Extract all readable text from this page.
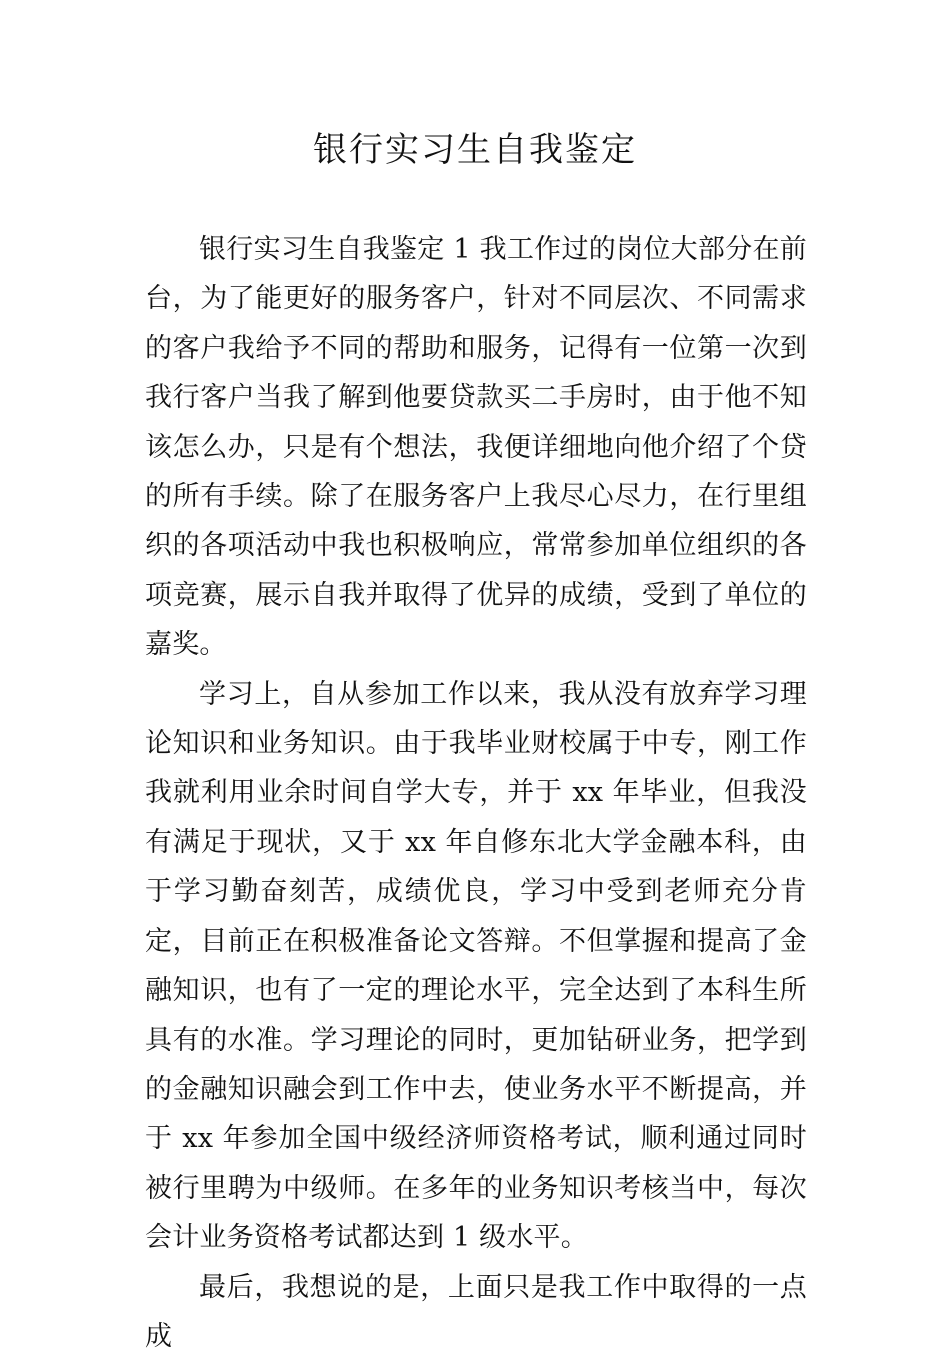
银行实习生自我鉴定

银行实习生自我鉴定 1 我工作过的岗位大部分在前台，为了能更好的服务客户，针对不同层次、不同需求的客户我给予不同的帮助和服务，记得有一位第一次到我行客户当我了解到他要贷款买二手房时，由于他不知该怎么办，只是有个想法，我便详细地向他介绍了个贷的所有手续。除了在服务客户上我尽心尽力，在行里组织的各项活动中我也积极响应，常常参加单位组织的各项竞赛，展示自我并取得了优异的成绩，受到了单位的嘉奖。

学习上，自从参加工作以来，我从没有放弃学习理论知识和业务知识。由于我毕业财校属于中专，刚工作我就利用业余时间自学大专，并于 xx 年毕业，但我没有满足于现状，又于 xx 年自修东北大学金融本科，由于学习勤奋刻苦，成绩优良，学习中受到老师充分肯定，目前正在积极准备论文答辩。不但掌握和提高了金融知识，也有了一定的理论水平，完全达到了本科生所具有的水准。学习理论的同时，更加钻研业务，把学到的金融知识融会到工作中去，使业务水平不断提高，并于 xx 年参加全国中级经济师资格考试，顺利通过同时被行里聘为中级师。在多年的业务知识考核当中，每次会计业务资格考试都达到 1 级水平。

最后，我想说的是，上面只是我工作中取得的一点成
